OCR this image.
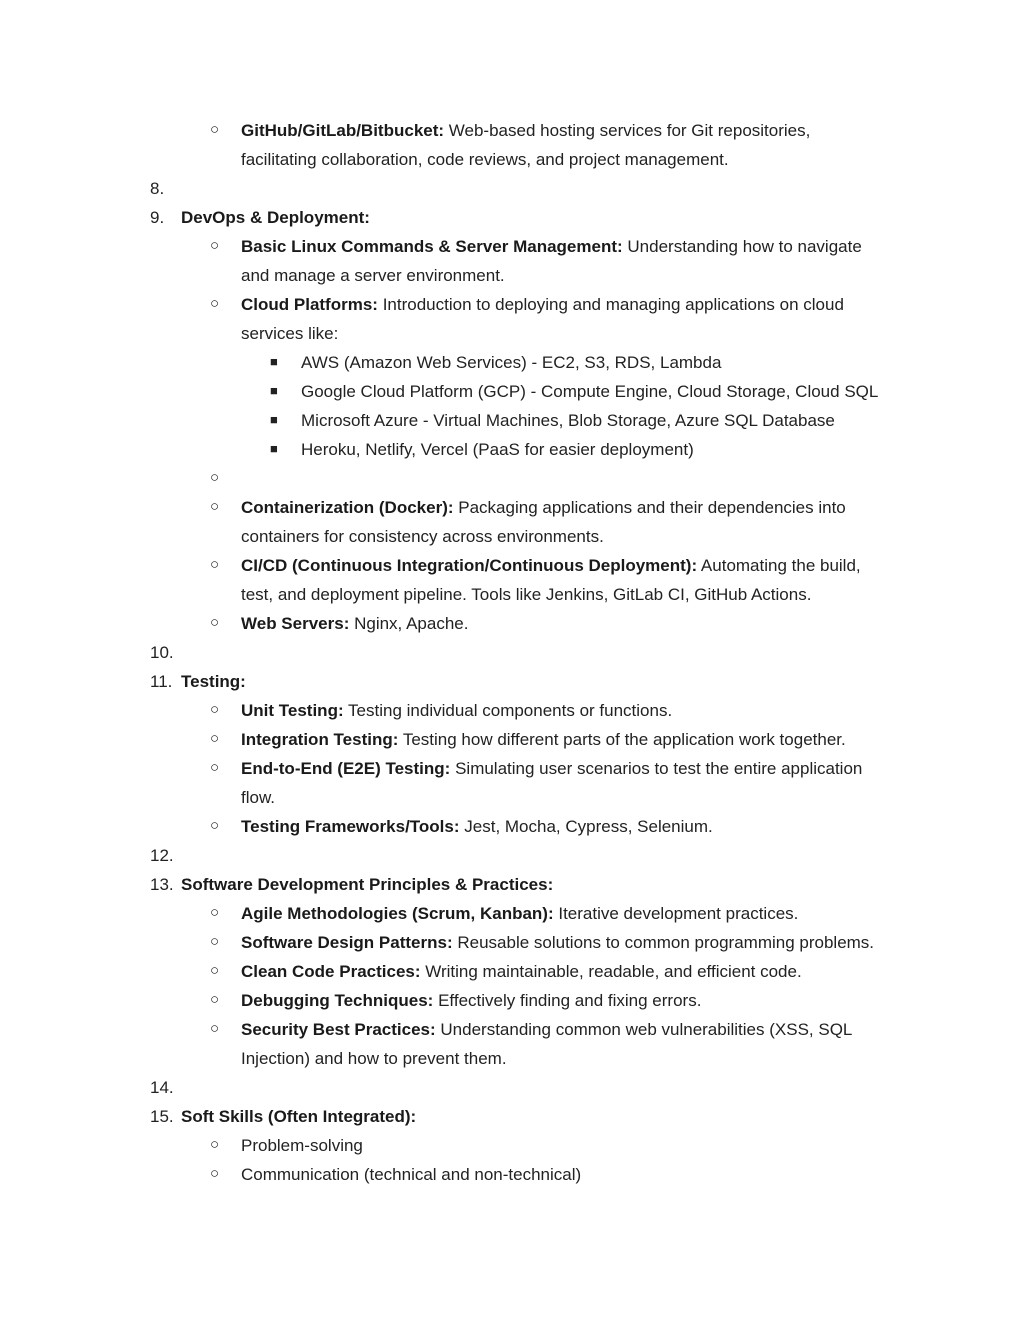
○ GitHub/GitLab/Bitbucket: Web-based hosting services for Git repositories,
facilitating collaboration, code reviews, and project management.
8.
9. DevOps & Deployment:
○ Basic Linux Commands & Server Management: Understanding how to navigate
and manage a server environment.
○ Cloud Platforms: Introduction to deploying and managing applications on cloud
services like:
■ AWS (Amazon Web Services) - EC2, S3, RDS, Lambda
■ Google Cloud Platform (GCP) - Compute Engine, Cloud Storage, Cloud SQL
■ Microsoft Azure - Virtual Machines, Blob Storage, Azure SQL Database
■ Heroku, Netlify, Vercel (PaaS for easier deployment)
○
○ Containerization (Docker): Packaging applications and their dependencies into
containers for consistency across environments.
○ CI/CD (Continuous Integration/Continuous Deployment): Automating the build,
test, and deployment pipeline. Tools like Jenkins, GitLab CI, GitHub Actions.
○ Web Servers: Nginx, Apache.
10.
11. Testing:
○ Unit Testing: Testing individual components or functions.
○ Integration Testing: Testing how different parts of the application work together.
○ End-to-End (E2E) Testing: Simulating user scenarios to test the entire application
flow.
○ Testing Frameworks/Tools: Jest, Mocha, Cypress, Selenium.
12.
13. Software Development Principles & Practices:
○ Agile Methodologies (Scrum, Kanban): Iterative development practices.
○ Software Design Patterns: Reusable solutions to common programming problems.
○ Clean Code Practices: Writing maintainable, readable, and efficient code.
○ Debugging Techniques: Effectively finding and fixing errors.
○ Security Best Practices: Understanding common web vulnerabilities (XSS, SQL
Injection) and how to prevent them.
14.
15. Soft Skills (Often Integrated):
○ Problem-solving
○ Communication (technical and non-technical)
